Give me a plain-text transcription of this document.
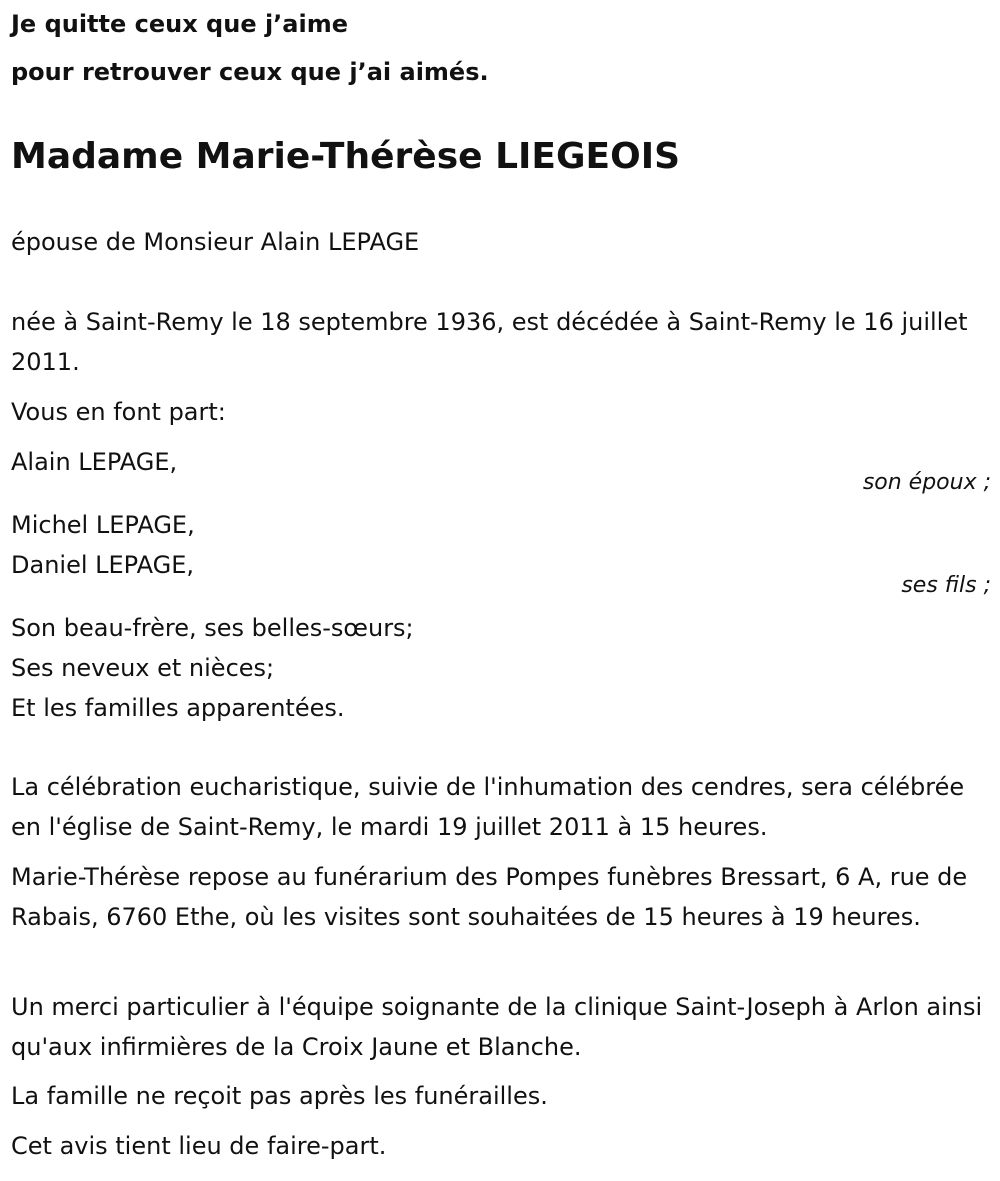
Je quitte ceux que j’aime
pour retrouver ceux que j’ai aimés.

Madame Marie-Thérèse LIEGEOIS

épouse de Monsieur Alain LEPAGE

née à Saint-Remy le 18 septembre 1936, est décédée à Saint-Remy le 16 juillet 2011.

Vous en font part:

Alain LEPAGE,

son époux ;

Michel LEPAGE,
Daniel LEPAGE,

ses fils ;

Son beau-frère, ses belles-sœurs;
Ses neveux et nièces;
Et les familles apparentées.

La célébration eucharistique, suivie de l'inhumation des cendres, sera célébrée en l'église de Saint-Remy, le mardi 19 juillet 2011 à 15 heures.

Marie-Thérèse repose au funérarium des Pompes funèbres Bressart, 6 A, rue de Rabais, 6760 Ethe, où les visites sont souhaitées de 15 heures à 19 heures.

Un merci particulier à l'équipe soignante de la clinique Saint-Joseph à Arlon ainsi qu'aux infirmières de la Croix Jaune et Blanche.

La famille ne reçoit pas après les funérailles.

Cet avis tient lieu de faire-part.
